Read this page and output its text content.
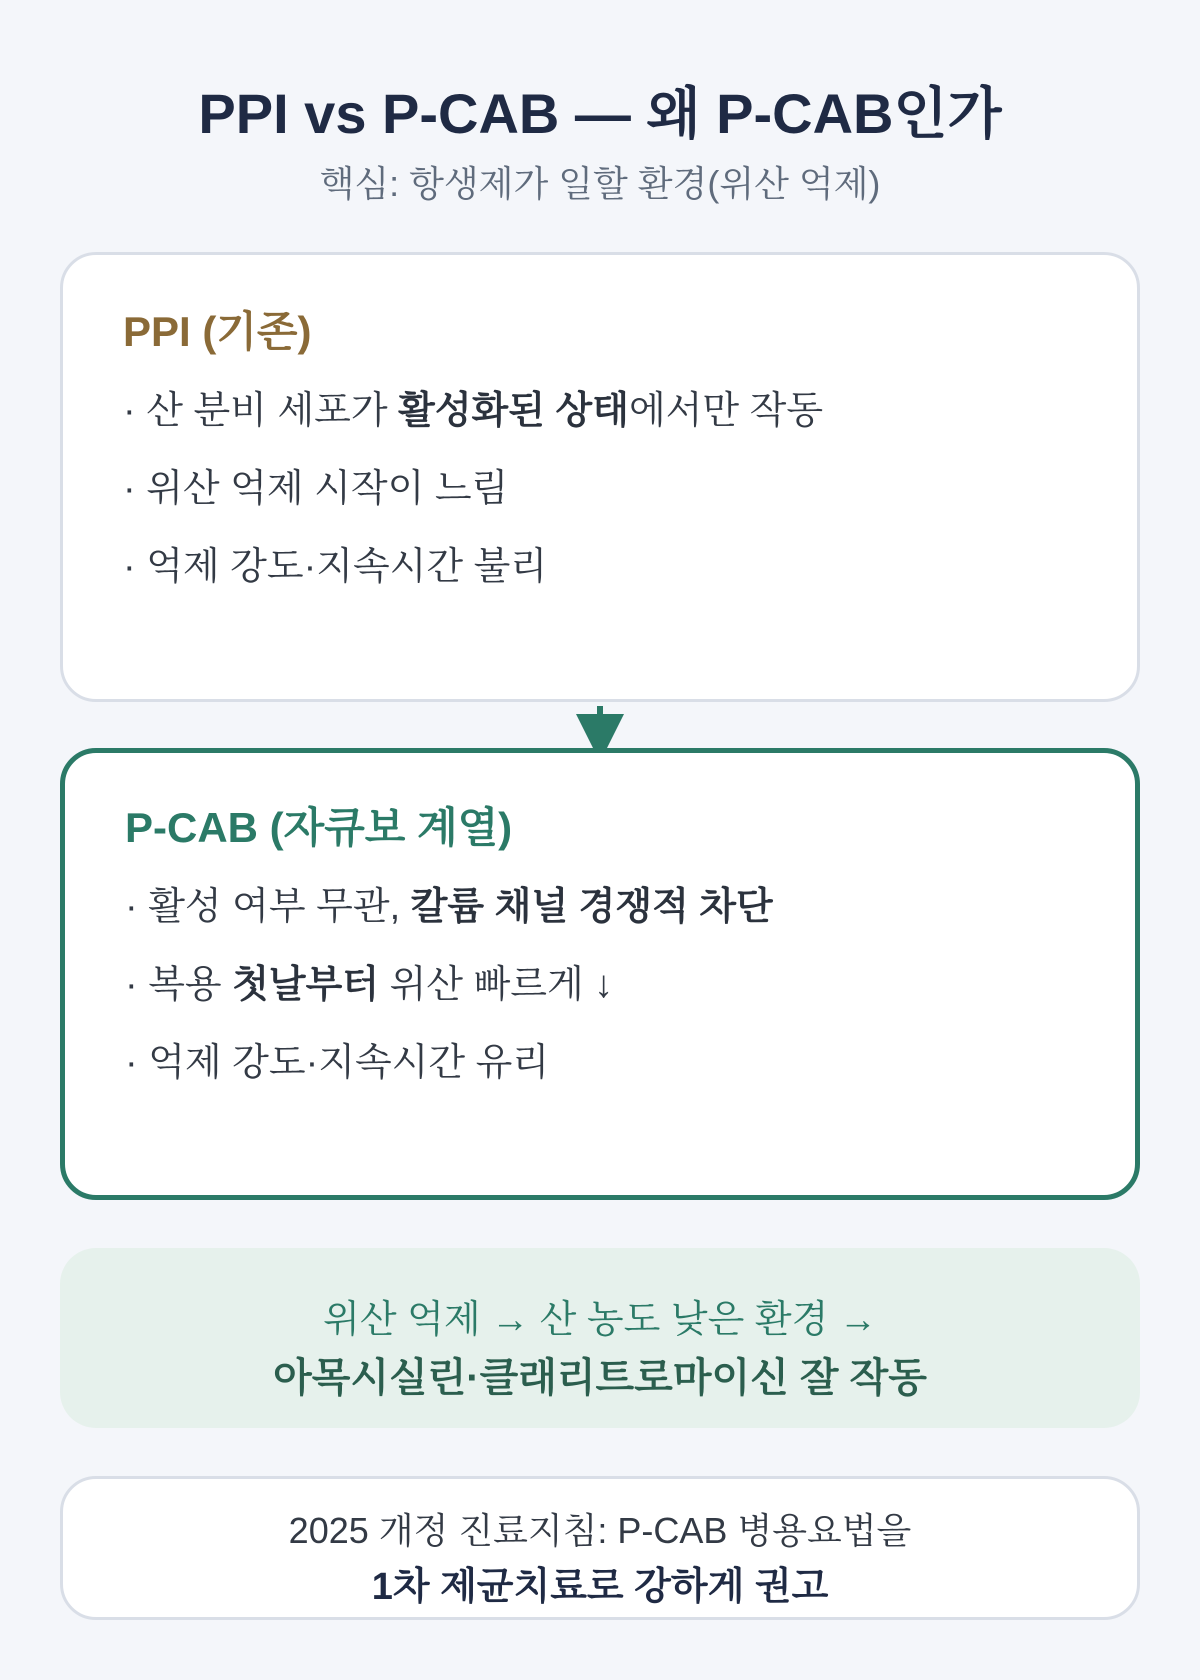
PPI vs P-CAB — 왜 P-CAB인가
핵심: 항생제가 일할 환경(위산 억제)
PPI (기존)
· 산 분비 세포가 활성화된 상태에서만 작동
· 위산 억제 시작이 느림
· 억제 강도·지속시간 불리
P-CAB (자큐보 계열)
· 활성 여부 무관, 칼륨 채널 경쟁적 차단
· 복용 첫날부터 위산 빠르게 ↓
· 억제 강도·지속시간 유리
위산 억제 → 산 농도 낮은 환경 →
아목시실린·클래리트로마이신 잘 작동
2025 개정 진료지침: P-CAB 병용요법을
1차 제균치료로 강하게 권고
